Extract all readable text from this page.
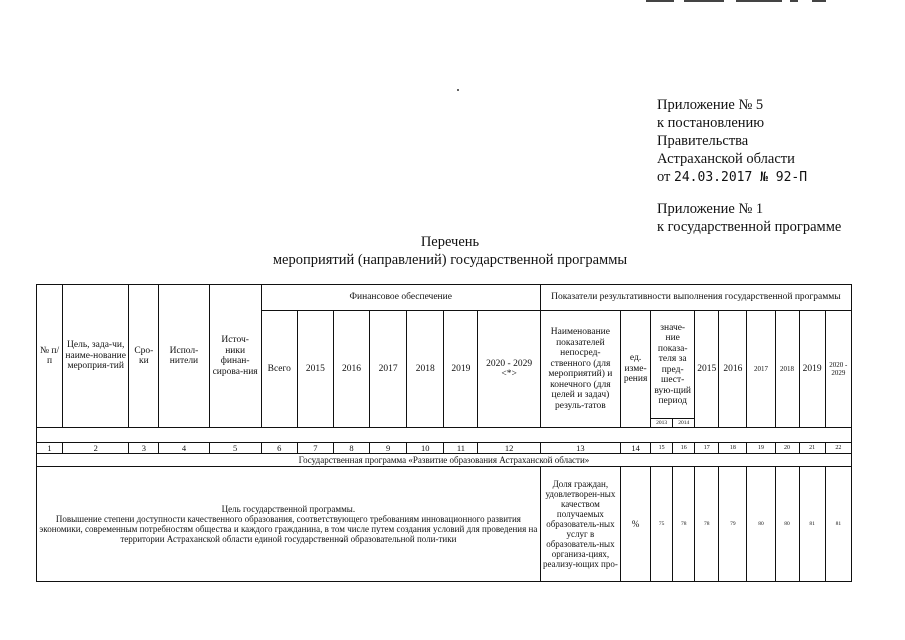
Приложение № 5
к постановлению
Правительства
Астраханской области
от 24.03.2017 № 92-П
Приложение № 1
к государственной программе
Перечень
мероприятий (направлений) государственной программы
№ п/п	Цель, зада-чи, наиме-нование мероприя-тий	Сро-ки	Испол-нители	Источ-ники финан-сирова-ния	Финансовое обеспечение							Показатели результативности выполнения государственной программы									
					Всего	2015	2016	2017	2018	2019	2020 - 2029 <*>	Наименование показателей непосред-ственного (для мероприятий) и конечного (для целей и задач) резуль-татов	ед. изме-рения	значе-ние показа-теля за пред-шест-вую-щий период		2015	2016	2017	2018	2019	2020 - 2029
														2013	2014						

1	2	3	4	5	6	7	8	9	10	11	12	13	14	15	16	17	18	19	20	21	22
Государственная программа «Развитие образования Астраханской области»																					

Цель государственной программы.
Повышение степени доступности качественного образования, соответствующего требованиям инновационного развития экономики, современным потребностям общества и каждого гражданина, в том числе путем создания условий для проведения на территории Астраханской области единой государственной образовательной поли-тики												Доля граждан, удовлетворен-ных качеством получаемых образователь-ных услуг в образователь-ных организа-циях, реализу-ющих про-	%	75	78	78	79	80	80	81	81
